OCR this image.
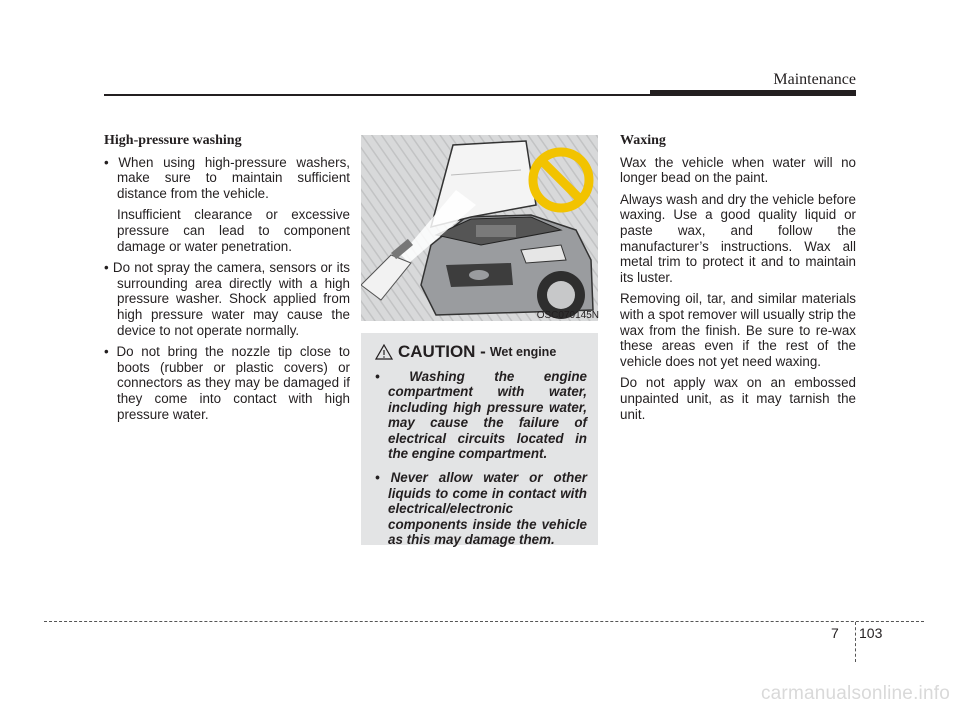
Maintenance

High-pressure washing

• When using high-pressure washers, make sure to maintain sufficient distance from the vehicle.

Insufficient clearance or excessive pressure can lead to component damage or water penetration.

• Do not spray the camera, sensors or its surrounding area directly with a high pressure washer. Shock applied from high pressure water may cause the device to not operate normally.

• Do not bring the nozzle tip close to boots (rubber or plastic covers) or connectors as they may be damaged if they come into contact with high pressure water.

OSC070145N
CAUTION - Wet engine

• Washing the engine compartment with water, including high pressure water, may cause the failure of electrical circuits located in the engine compartment.

• Never allow water or other liquids to come in contact with electrical/electronic components inside the vehicle as this may damage them.

Waxing

Wax the vehicle when water will no longer bead on the paint.

Always wash and dry the vehicle before waxing. Use a good quality liquid or paste wax, and follow the manufacturer’s instructions. Wax all metal trim to protect it and to maintain its luster.

Removing oil, tar, and similar materials with a spot remover will usually strip the wax from the finish. Be sure to re-wax these areas even if the rest of the vehicle does not yet need waxing.

Do not apply wax on an embossed unpainted unit, as it may tarnish the unit.

7 103
carmanualsonline.info
